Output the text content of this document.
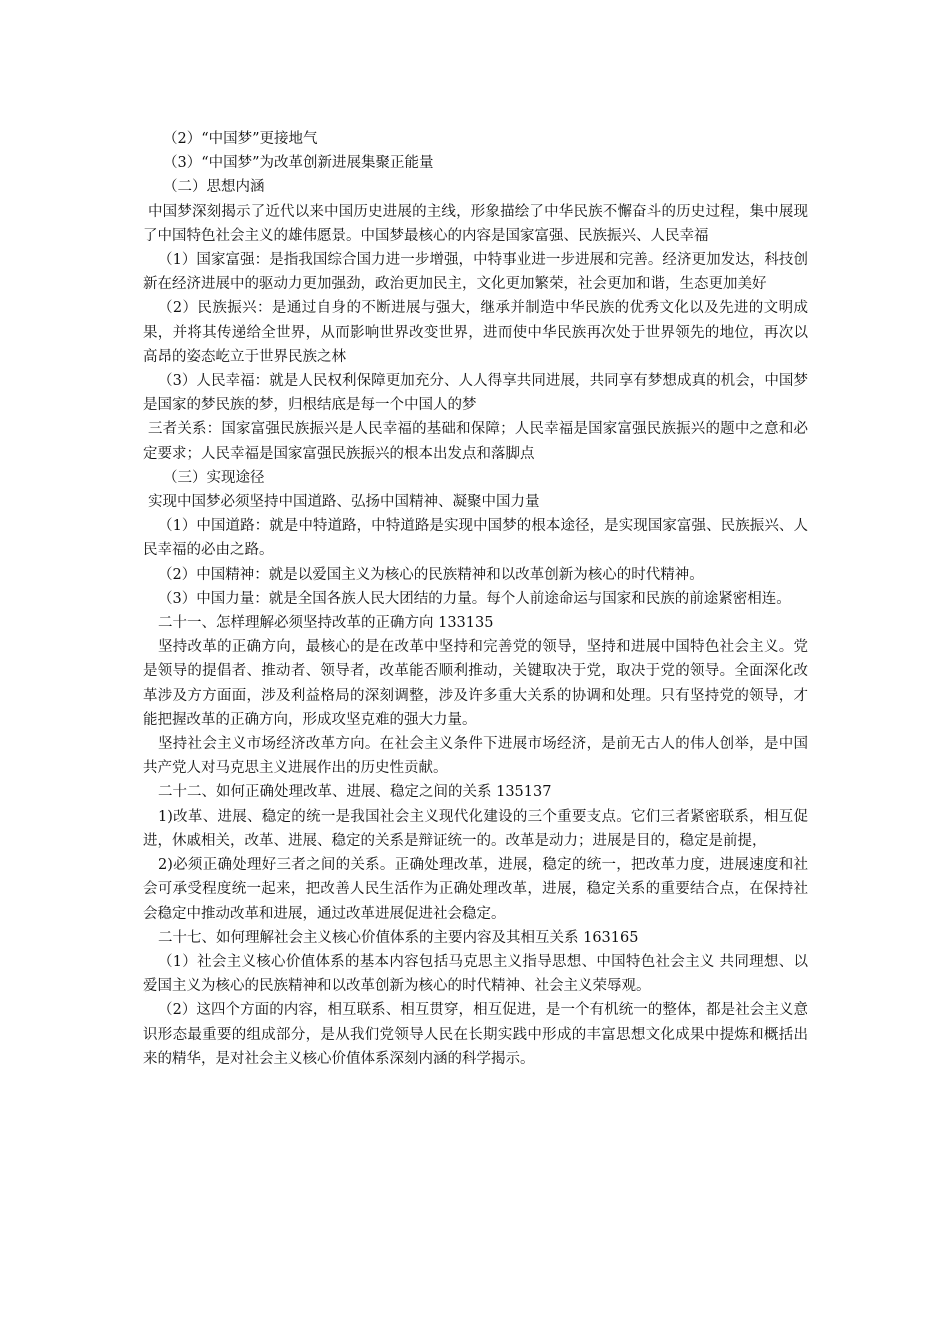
（2）“中国梦”更接地气

（3）“中国梦”为改革创新进展集聚正能量

（二）思想内涵

中国梦深刻揭示了近代以来中国历史进展的主线，形象描绘了中华民族不懈奋斗的历史过程，集中展现了中国特色社会主义的雄伟愿景。中国梦最核心的内容是国家富强、民族振兴、人民幸福

（1）国家富强：是指我国综合国力进一步增强，中特事业进一步进展和完善。经济更加发达，科技创新在经济进展中的驱动力更加强劲，政治更加民主，文化更加繁荣，社会更加和谐，生态更加美好

（2）民族振兴：是通过自身的不断进展与强大，继承并制造中华民族的优秀文化以及先进的文明成果，并将其传递给全世界，从而影响世界改变世界，进而使中华民族再次处于世界领先的地位，再次以高昂的姿态屹立于世界民族之林

（3）人民幸福：就是人民权利保障更加充分、人人得享共同进展，共同享有梦想成真的机会，中国梦是国家的梦民族的梦，归根结底是每一个中国人的梦

三者关系：国家富强民族振兴是人民幸福的基础和保障；人民幸福是国家富强民族振兴的题中之意和必定要求；人民幸福是国家富强民族振兴的根本出发点和落脚点

（三）实现途径

实现中国梦必须坚持中国道路、弘扬中国精神、凝聚中国力量

（1）中国道路：就是中特道路，中特道路是实现中国梦的根本途径，是实现国家富强、民族振兴、人民幸福的必由之路。

（2）中国精神：就是以爱国主义为核心的民族精神和以改革创新为核心的时代精神。

（3）中国力量：就是全国各族人民大团结的力量。每个人前途命运与国家和民族的前途紧密相连。

二十一、怎样理解必须坚持改革的正确方向 133135

坚持改革的正确方向，最核心的是在改革中坚持和完善党的领导，坚持和进展中国特色社会主义。党是领导的提倡者、推动者、领导者，改革能否顺利推动，关键取决于党，取决于党的领导。全面深化改革涉及方方面面，涉及利益格局的深刻调整，涉及许多重大关系的协调和处理。只有坚持党的领导，才能把握改革的正确方向，形成攻坚克难的强大力量。

坚持社会主义市场经济改革方向。在社会主义条件下进展市场经济，是前无古人的伟人创举，是中国共产党人对马克思主义进展作出的历史性贡献。

二十二、如何正确处理改革、进展、稳定之间的关系 135137

1)改革、进展、稳定的统一是我国社会主义现代化建设的三个重要支点。它们三者紧密联系，相互促进，休戚相关，改革、进展、稳定的关系是辩证统一的。改革是动力；进展是目的，稳定是前提，

2)必须正确处理好三者之间的关系。正确处理改革，进展，稳定的统一，把改革力度，进展速度和社会可承受程度统一起来，把改善人民生活作为正确处理改革，进展，稳定关系的重要结合点，在保持社会稳定中推动改革和进展，通过改革进展促进社会稳定。

二十七、如何理解社会主义核心价值体系的主要内容及其相互关系 163165

（1）社会主义核心价值体系的基本内容包括马克思主义指导思想、中国特色社会主义 共同理想、以爱国主义为核心的民族精神和以改革创新为核心的时代精神、社会主义荣辱观。

（2）这四个方面的内容，相互联系、相互贯穿，相互促进，是一个有机统一的整体，都是社会主义意识形态最重要的组成部分，是从我们党领导人民在长期实践中形成的丰富思想文化成果中提炼和概括出来的精华，是对社会主义核心价值体系深刻内涵的科学揭示。
